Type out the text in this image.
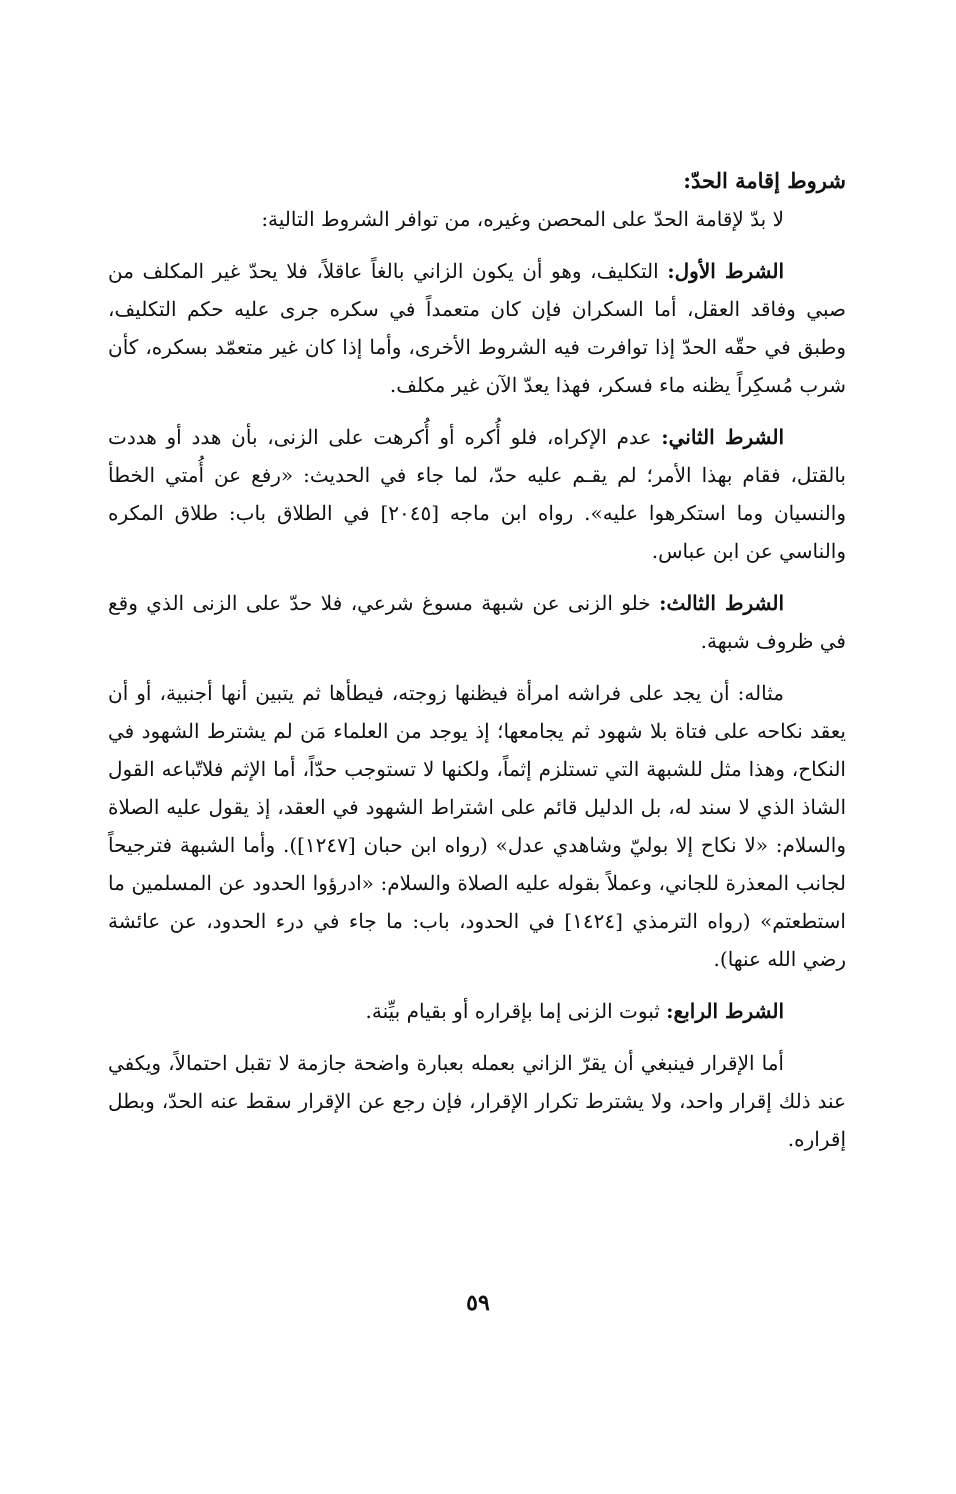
شروط إقامة الحدّ:

لا بدّ لإقامة الحدّ على المحصن وغيره، من توافر الشروط التالية:

الشرط الأول: التكليف، وهو أن يكون الزاني بالغاً عاقلاً، فلا يحدّ غير المكلف من صبي وفاقد العقل، أما السكران فإن كان متعمداً في سكره جرى عليه حكم التكليف، وطبق في حقّه الحدّ إذا توافرت فيه الشروط الأخرى، وأما إذا كان غير متعمّد بسكره، كأن شرب مُسكِراً يظنه ماء فسكر، فهذا يعدّ الآن غير مكلف.

الشرط الثاني: عدم الإكراه، فلو أُكره أو أُكرهت على الزنى، بأن هدد أو هددت بالقتل، فقام بهذا الأمر؛ لم يقـم عليه حدّ، لما جاء في الحديث: «رفع عن أُمتي الخطأ والنسيان وما استكرهوا عليه». رواه ابن ماجه [٢٠٤٥] في الطلاق باب: طلاق المكره والناسي عن ابن عباس.

الشرط الثالث: خلو الزنى عن شبهة مسوغ شرعي، فلا حدّ على الزنى الذي وقع في ظروف شبهة.

مثاله: أن يجد على فراشه امرأة فيظنها زوجته، فيطأها ثم يتبين أنها أجنبية، أو أن يعقد نكاحه على فتاة بلا شهود ثم يجامعها؛ إذ يوجد من العلماء مَن لم يشترط الشهود في النكاح، وهذا مثل للشبهة التي تستلزم إثماً، ولكنها لا تستوجب حدّاً، أما الإثم فلاتّباعه القول الشاذ الذي لا سند له، بل الدليل قائم على اشتراط الشهود في العقد، إذ يقول عليه الصلاة والسلام: «لا نكاح إلا بوليّ وشاهدي عدل» (رواه ابن حبان [١٢٤٧]). وأما الشبهة فترجيحاً لجانب المعذرة للجاني، وعملاً بقوله عليه الصلاة والسلام: «ادرؤوا الحدود عن المسلمين ما استطعتم» (رواه الترمذي [١٤٢٤] في الحدود، باب: ما جاء في درء الحدود، عن عائشة رضي الله عنها).

الشرط الرابع: ثبوت الزنى إما بإقراره أو بقيام بيِّنة.

أما الإقرار فينبغي أن يقرّ الزاني بعمله بعبارة واضحة جازمة لا تقبل احتمالاً، ويكفي عند ذلك إقرار واحد، ولا يشترط تكرار الإقرار، فإن رجع عن الإقرار سقط عنه الحدّ، وبطل إقراره.

٥٩
